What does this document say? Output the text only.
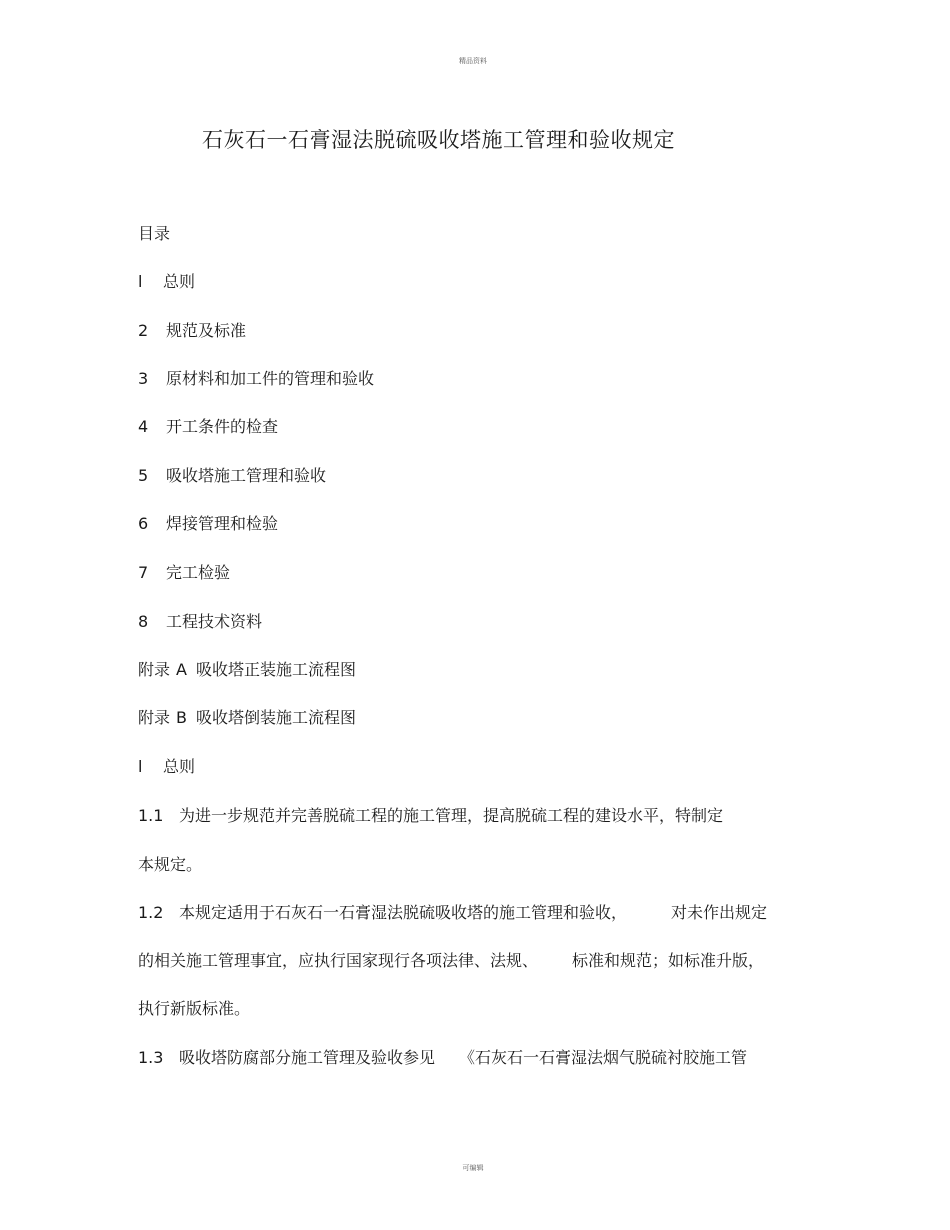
精品资料
石灰石一石膏湿法脱硫吸收塔施工管理和验收规定
目录
l 总则
2 规范及标准
3 原材料和加工件的管理和验收
4 开工条件的检查
5 吸收塔施工管理和验收
6 焊接管理和检验
7 完工检验
8 工程技术资料
附录 A 吸收塔正装施工流程图
附录 B 吸收塔倒装施工流程图
l 总则
1.1 为进一步规范并完善脱硫工程的施工管理，提高脱硫工程的建设水平，特制定
本规定。
1.2 本规定适用于石灰石一石膏湿法脱硫吸收塔的施工管理和验收，	对未作出规定
的相关施工管理事宜，应执行国家现行各项法律、法规、 标准和规范；如标准升版，
执行新版标准。
1.3 吸收塔防腐部分施工管理及验收参见 《石灰石一石膏湿法烟气脱硫衬胶施工管
可编辑
